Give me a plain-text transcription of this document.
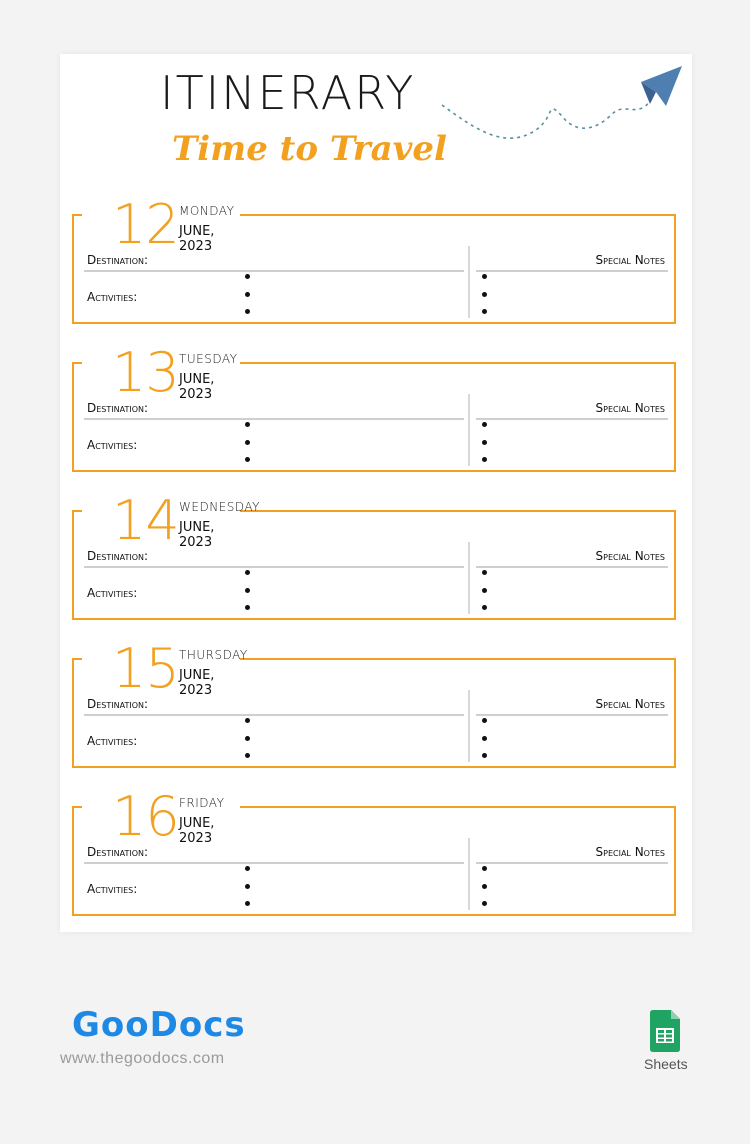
ITINERARY
Time to Travel
12 MONDAY
JUNE, 2023
Destination:
Activities:
Special Notes
13 TUESDAY
JUNE, 2023
Destination:
Activities:
Special Notes
14 WEDNESDAY
JUNE, 2023
Destination:
Activities:
Special Notes
15 THURSDAY
JUNE, 2023
Destination:
Activities:
Special Notes
16 FRIDAY
JUNE, 2023
Destination:
Activities:
Special Notes
GooDocs
www.thegoodocs.com	Sheets
